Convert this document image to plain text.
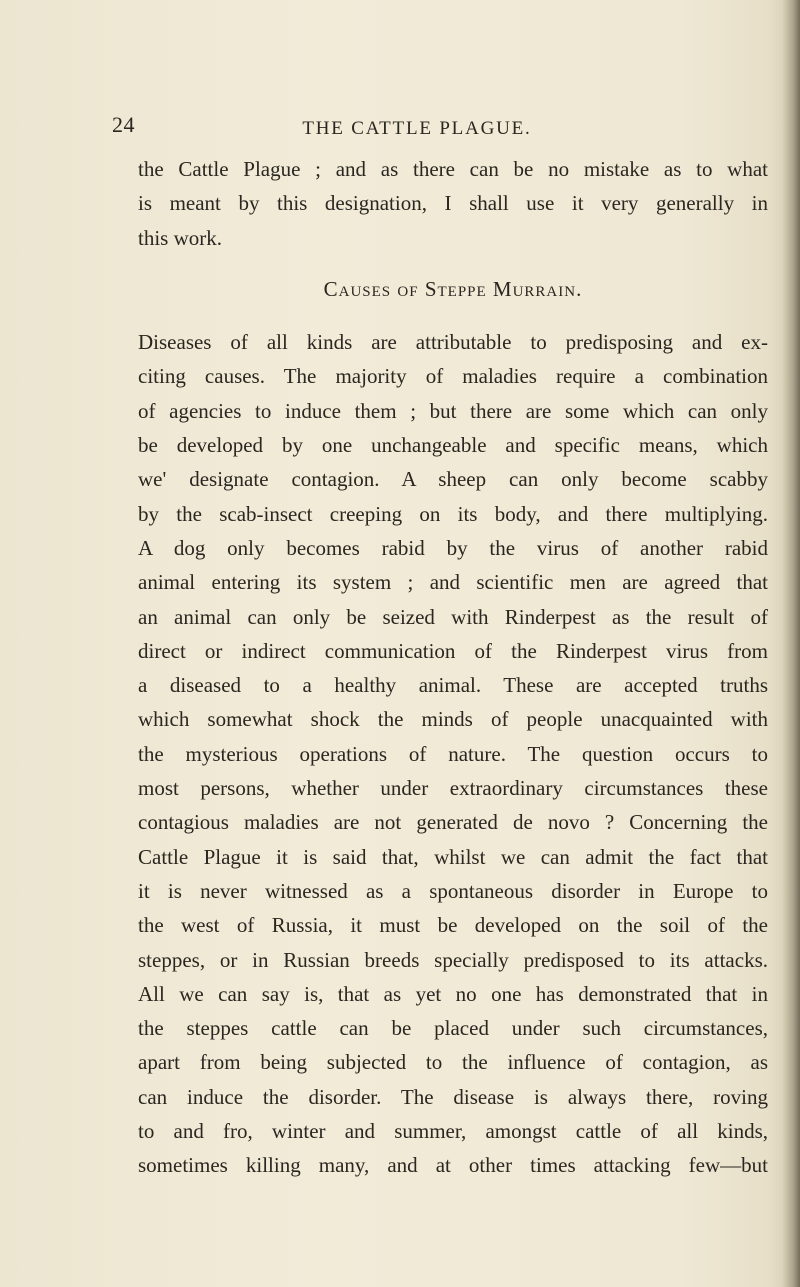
24	THE CATTLE PLAGUE.
the Cattle Plague ; and as there can be no mistake as to what
is meant by this designation, I shall use it very generally in
this work.
Causes of Steppe Murrain.
Diseases of all kinds are attributable to predisposing and ex-
citing causes. The majority of maladies require a combination
of agencies to induce them ; but there are some which can only
be developed by one unchangeable and specific means, which
we' designate contagion. A sheep can only become scabby
by the scab-insect creeping on its body, and there multiplying.
A dog only becomes rabid by the virus of another rabid
animal entering its system ; and scientific men are agreed that
an animal can only be seized with Rinderpest as the result of
direct or indirect communication of the Rinderpest virus from
a diseased to a healthy animal. These are accepted truths
which somewhat shock the minds of people unacquainted with
the mysterious operations of nature. The question occurs to
most persons, whether under extraordinary circumstances these
contagious maladies are not generated de novo ? Concerning the
Cattle Plague it is said that, whilst we can admit the fact that
it is never witnessed as a spontaneous disorder in Europe to
the west of Russia, it must be developed on the soil of the
steppes, or in Russian breeds specially predisposed to its attacks.
All we can say is, that as yet no one has demonstrated that in
the steppes cattle can be placed under such circumstances,
apart from being subjected to the influence of contagion, as
can induce the disorder. The disease is always there, roving
to and fro, winter and summer, amongst cattle of all kinds,
sometimes killing many, and at other times attacking few—but
